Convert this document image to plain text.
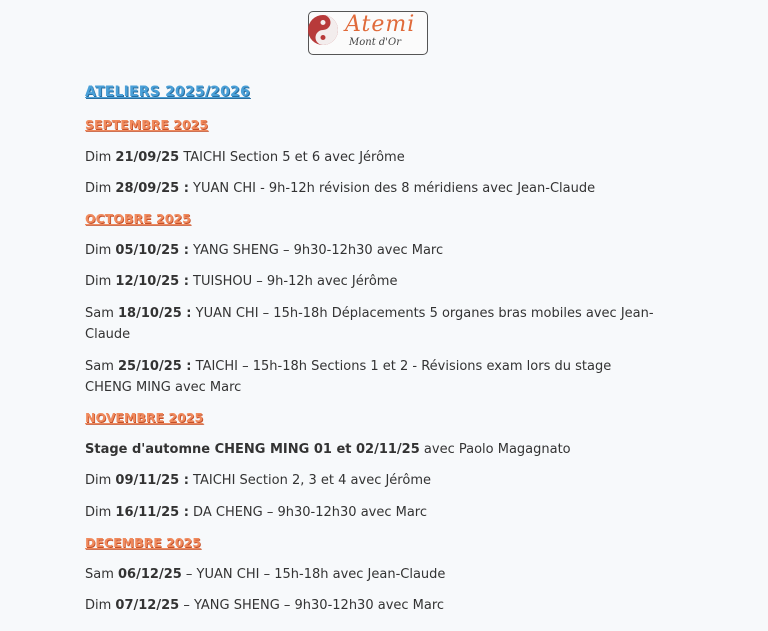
Atemi
Mont d'Or
ATELIERS 2025/2026
SEPTEMBRE 2025
Dim 21/09/25 TAICHI Section 5 et 6 avec Jérôme
Dim 28/09/25 : YUAN CHI - 9h-12h révision des 8 méridiens avec Jean-Claude
OCTOBRE 2025
Dim 05/10/25 : YANG SHENG – 9h30-12h30 avec Marc
Dim 12/10/25 : TUISHOU – 9h-12h avec Jérôme
Sam 18/10/25 : YUAN CHI – 15h-18h Déplacements 5 organes bras mobiles avec Jean-Claude
Sam 25/10/25 : TAICHI – 15h-18h Sections 1 et 2 - Révisions exam lors du stage CHENG MING avec Marc
NOVEMBRE 2025
Stage d'automne CHENG MING 01 et 02/11/25 avec Paolo Magagnato
Dim 09/11/25 : TAICHI Section 2, 3 et 4 avec Jérôme
Dim 16/11/25 : DA CHENG – 9h30-12h30 avec Marc
DECEMBRE 2025
Sam 06/12/25 – YUAN CHI – 15h-18h avec Jean-Claude
Dim 07/12/25 – YANG SHENG – 9h30-12h30 avec Marc
